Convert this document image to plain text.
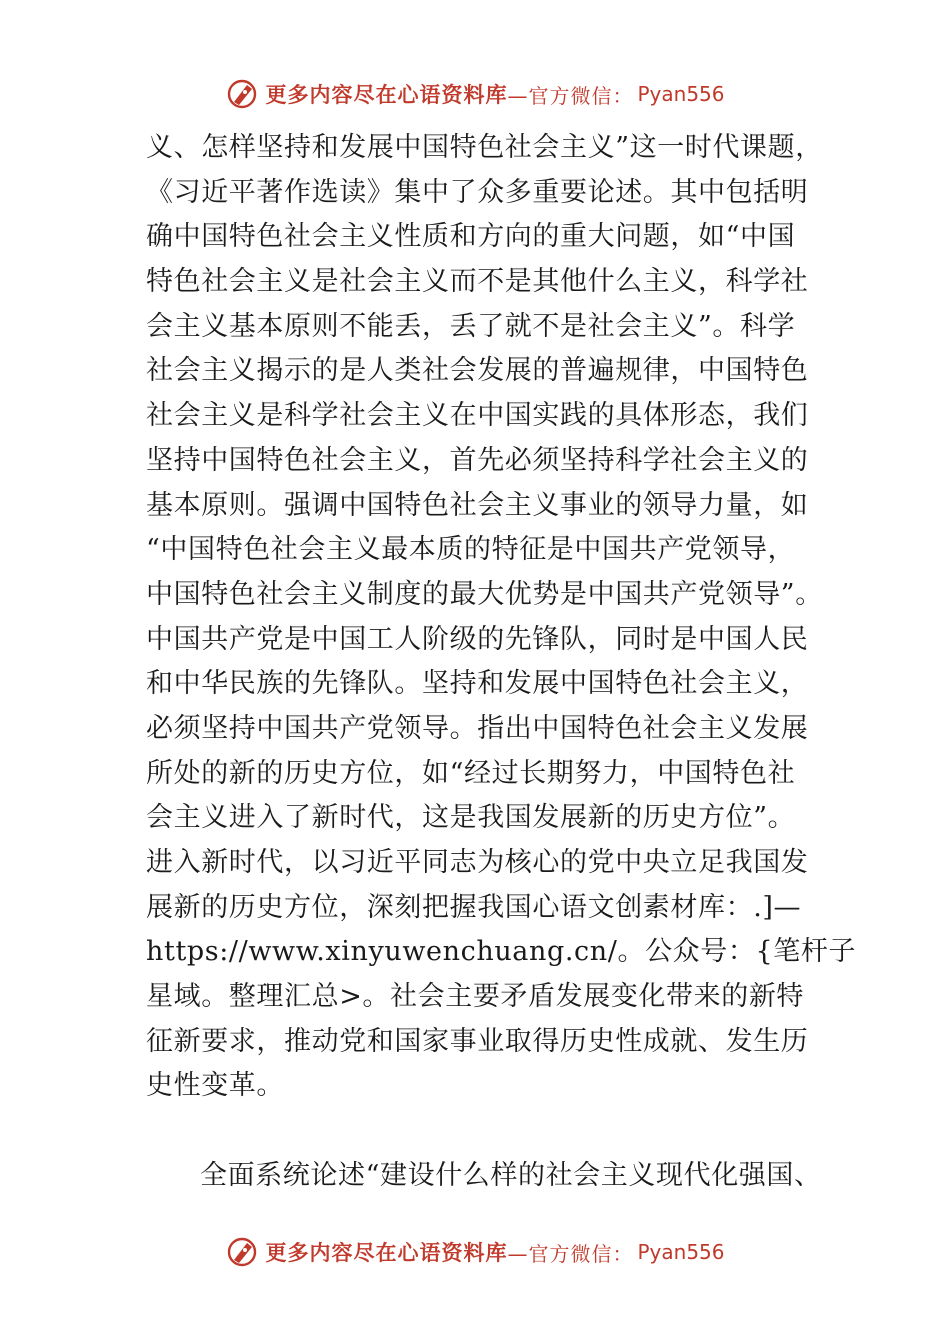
更多内容尽在心语资料库 —官方微信： Pyan556
义、怎样坚持和发展中国特色社会主义”这一时代课题，
《习近平著作选读》集中了众多重要论述。其中包括明
确中国特色社会主义性质和方向的重大问题，如“中国
特色社会主义是社会主义而不是其他什么主义，科学社
会主义基本原则不能丢，丢了就不是社会主义”。科学
社会主义揭示的是人类社会发展的普遍规律，中国特色
社会主义是科学社会主义在中国实践的具体形态，我们
坚持中国特色社会主义，首先必须坚持科学社会主义的
基本原则。强调中国特色社会主义事业的领导力量，如
“中国特色社会主义最本质的特征是中国共产党领导，
中国特色社会主义制度的最大优势是中国共产党领导”。
中国共产党是中国工人阶级的先锋队，同时是中国人民
和中华民族的先锋队。坚持和发展中国特色社会主义，
必须坚持中国共产党领导。指出中国特色社会主义发展
所处的新的历史方位，如“经过长期努力，中国特色社
会主义进入了新时代，这是我国发展新的历史方位”。
进入新时代，以习近平同志为核心的党中央立足我国发
展新的历史方位，深刻把握我国心语文创素材库：.]—
https://www.xinyuwenchuang.cn/。公众号：{笔杆子
星域。整理汇总>。社会主要矛盾发展变化带来的新特
征新要求，推动党和国家事业取得历史性成就、发生历
史性变革。
全面系统论述“建设什么样的社会主义现代化强国、
更多内容尽在心语资料库 —官方微信： Pyan556
